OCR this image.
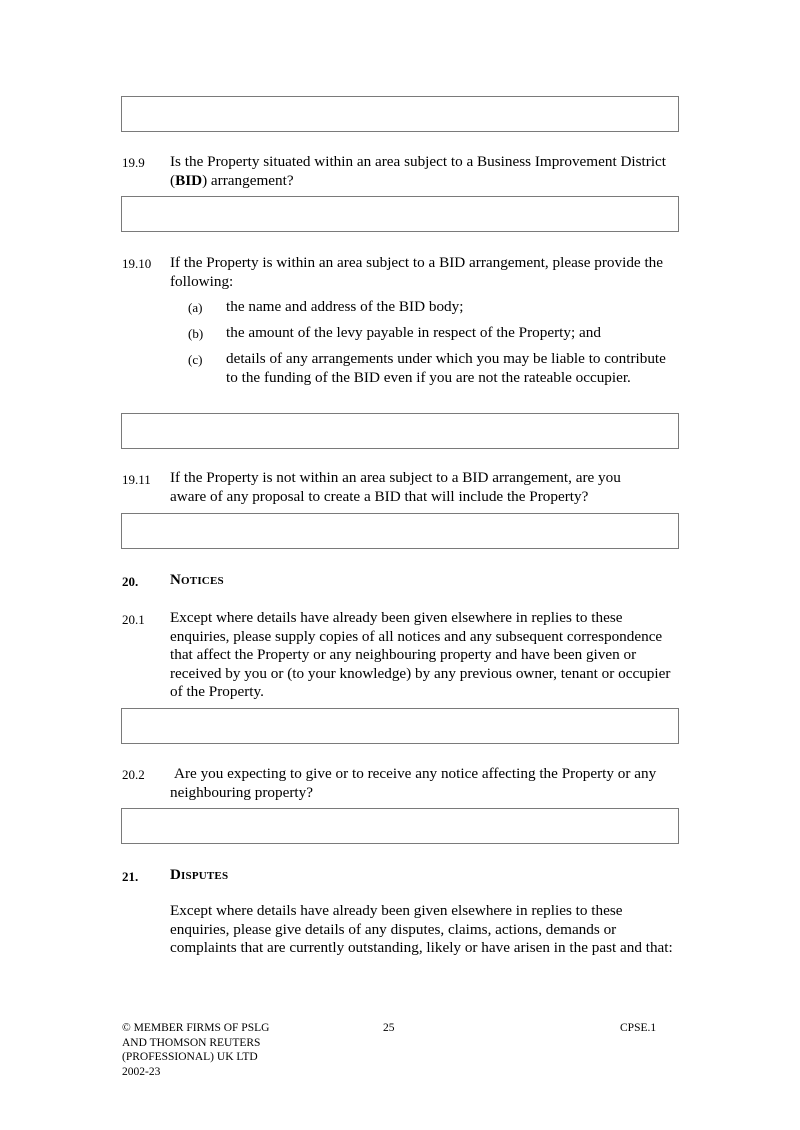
19.9 Is the Property situated within an area subject to a Business Improvement District (BID) arrangement?
19.10 If the Property is within an area subject to a BID arrangement, please provide the following:
(a) the name and address of the BID body;
(b) the amount of the levy payable in respect of the Property; and
(c) details of any arrangements under which you may be liable to contribute to the funding of the BID even if you are not the rateable occupier.
19.11 If the Property is not within an area subject to a BID arrangement, are you aware of any proposal to create a BID that will include the Property?
20. Notices
20.1 Except where details have already been given elsewhere in replies to these enquiries, please supply copies of all notices and any subsequent correspondence that affect the Property or any neighbouring property and have been given or received by you or (to your knowledge) by any previous owner, tenant or occupier of the Property.
20.2 Are you expecting to give or to receive any notice affecting the Property or any neighbouring property?
21. Disputes
Except where details have already been given elsewhere in replies to these enquiries, please give details of any disputes, claims, actions, demands or complaints that are currently outstanding, likely or have arisen in the past and that:
© MEMBER FIRMS OF PSLG
AND THOMSON REUTERS
(PROFESSIONAL) UK LTD
2002-23
25	CPSE.1
